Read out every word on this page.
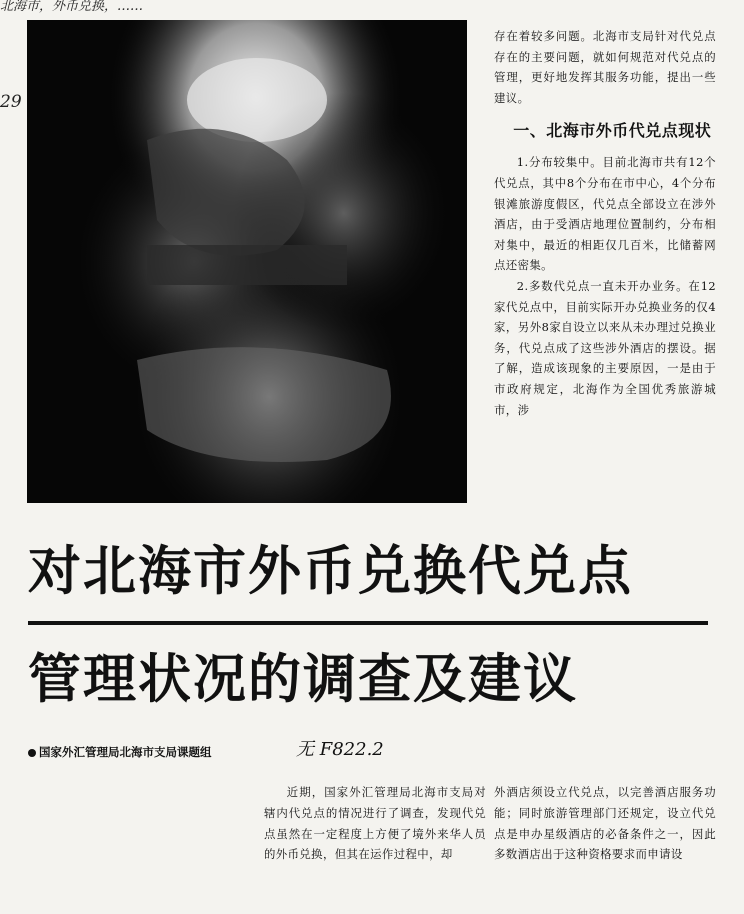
北海市，外币兑换，……
29

存在着较多问题。北海市支局针对代兑点存在的主要问题，就如何规范对代兑点的管理，更好地发挥其服务功能，提出一些建议。

一、北海市外币代兑点现状

1.分布较集中。目前北海市共有12个代兑点，其中8个分布在市中心，4个分布银滩旅游度假区，代兑点全部设立在涉外酒店，由于受酒店地理位置制约，分布相对集中，最近的相距仅几百米，比储蓄网点还密集。

2.多数代兑点一直未开办业务。在12家代兑点中，目前实际开办兑换业务的仅4家，另外8家自设立以来从未办理过兑换业务，代兑点成了这些涉外酒店的摆设。据了解，造成该现象的主要原因，一是由于市政府规定，北海作为全国优秀旅游城市，涉

对北海市外币兑换代兑点
管理状况的调查及建议
国家外汇管理局北海市支局课题组	无 F822.2

近期，国家外汇管理局北海市支局对辖内代兑点的情况进行了调查，发现代兑点虽然在一定程度上方便了境外来华人员的外币兑换，但其在运作过程中，却

外酒店须设立代兑点，以完善酒店服务功能；同时旅游管理部门还规定，设立代兑点是申办星级酒店的必备条件之一，因此多数酒店出于这种资格要求而申请设
